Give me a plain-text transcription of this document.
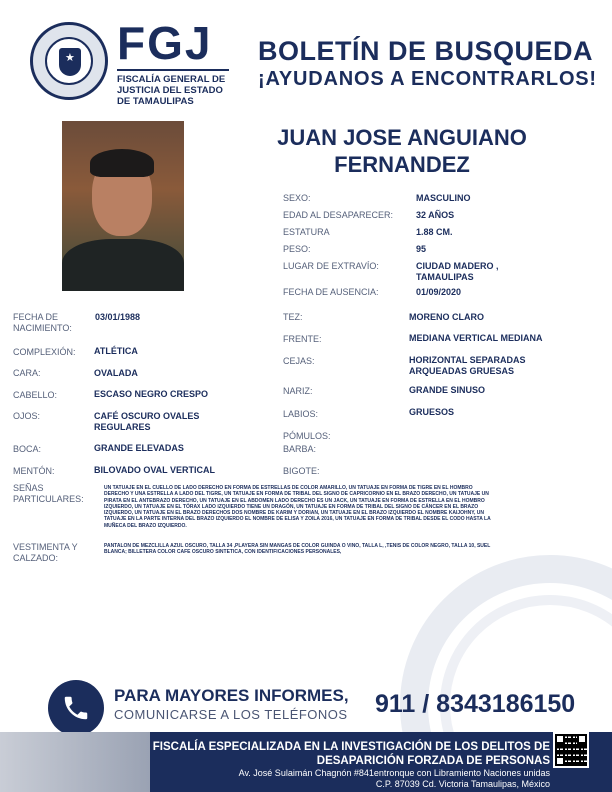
★ FGJ
FISCALÍA GENERAL DE
JUSTICIA DEL ESTADO
DE TAMAULIPAS
BOLETÍN DE BUSQUEDA
¡AYUDANOS A ENCONTRARLOS!
JUAN JOSE ANGUIANO
FERNANDEZ
SEXO:	MASCULINO
EDAD AL DESAPARECER:	32 AÑOS
ESTATURA	1.88 CM.
PESO:	95
LUGAR DE EXTRAVÍO:	CIUDAD MADERO ,
TAMAULIPAS
FECHA DE AUSENCIA:	01/09/2020
TEZ:	MORENO CLARO
FRENTE:	MEDIANA VERTICAL MEDIANA
CEJAS:	HORIZONTAL SEPARADAS
ARQUEADAS GRUESAS
NARIZ:	GRANDE SINUSO
LABIOS:	GRUESOS
PÓMULOS:
BARBA:
BIGOTE:
FECHA DE
NACIMIENTO:
03/01/1988
COMPLEXIÓN: ATLÉTICA
CARA:	OVALADA
CABELLO:	ESCASO NEGRO CRESPO
OJOS:	CAFÉ OSCURO OVALES
REGULARES
BOCA:	GRANDE ELEVADAS
MENTÓN:	BILOVADO OVAL VERTICAL
SEÑAS
PARTICULARES:
UN TATUAJE EN EL CUELLO DE LADO DERECHO EN FORMA DE ESTRELLAS DE COLOR AMARILLO, UN TATUAJE EN FORMA DE TIGRE EN EL HOMBRO
DERECHO Y UNA ESTRELLA A LADO DEL TIGRE, UN TATUAJE EN FORMA DE TRIBAL DEL SIGNO DE CAPRICORNIO EN EL BRAZO DERECHO, UN TATUAJE UN
PIRATA EN EL ANTEBRAZO DERECHO, UN TATUAJE EN EL ABDOMEN LADO DERECHO ES UN JACK, UN TATUAJE EN FORMA DE ESTRELLA EN EL HOMBRO
IZQUIERDO, UN TATUAJE EN EL TÓRAX LADO IZQUIERDO TIENE UN DRAGÓN, UN TATUAJE EN FORMA DE TRIBAL DEL SIGNO DE CÁNCER EN EL BRAZO
IZQUIERDO, UN TATUAJE EN EL BRAZO DERECHOS DOS NOMBRE DE KARIM Y DORIAN, UN TATUAJE EN EL BRAZO IZQUIERDO EL NOMBRE KAIJOHNY, UN
TATUAJE EN LA PARTE INTERNA DEL BRAZO IZQUIERDO EL NOMBRE DE ELISA Y ZOILA 2016, UN TATUAJE EN FORMA DE TRIBAL DESDE EL CODO HASTA LA
MUÑECA DEL BRAZO IZQUIERDO.
VESTIMENTA Y
CALZADO:
PANTALON DE MEZCLILLA AZUL OSCURO, TALLA 34 ,PLAYERA SIN MANGAS DE COLOR GUINDA O VINO, TALLA L, ,TENIS DE COLOR NEGRO, TALLA 10, SUEL
BLANCA; BILLETERA COLOR CAFE OSCURO SINTETICA, CON IDENTIFICACIONES PERSONALES,
PARA MAYORES INFORMES,
COMUNICARSE A LOS TELÉFONOS 911 / 8343186150
FISCALÍA ESPECIALIZADA EN LA INVESTIGACIÓN DE LOS DELITOS DE
DESAPARICIÓN FORZADA DE PERSONAS
Av. José Sulaimán Chagnón #841entronque con Libramiento Naciones unidas
C.P. 87039 Cd. Victoria Tamaulipas, México
